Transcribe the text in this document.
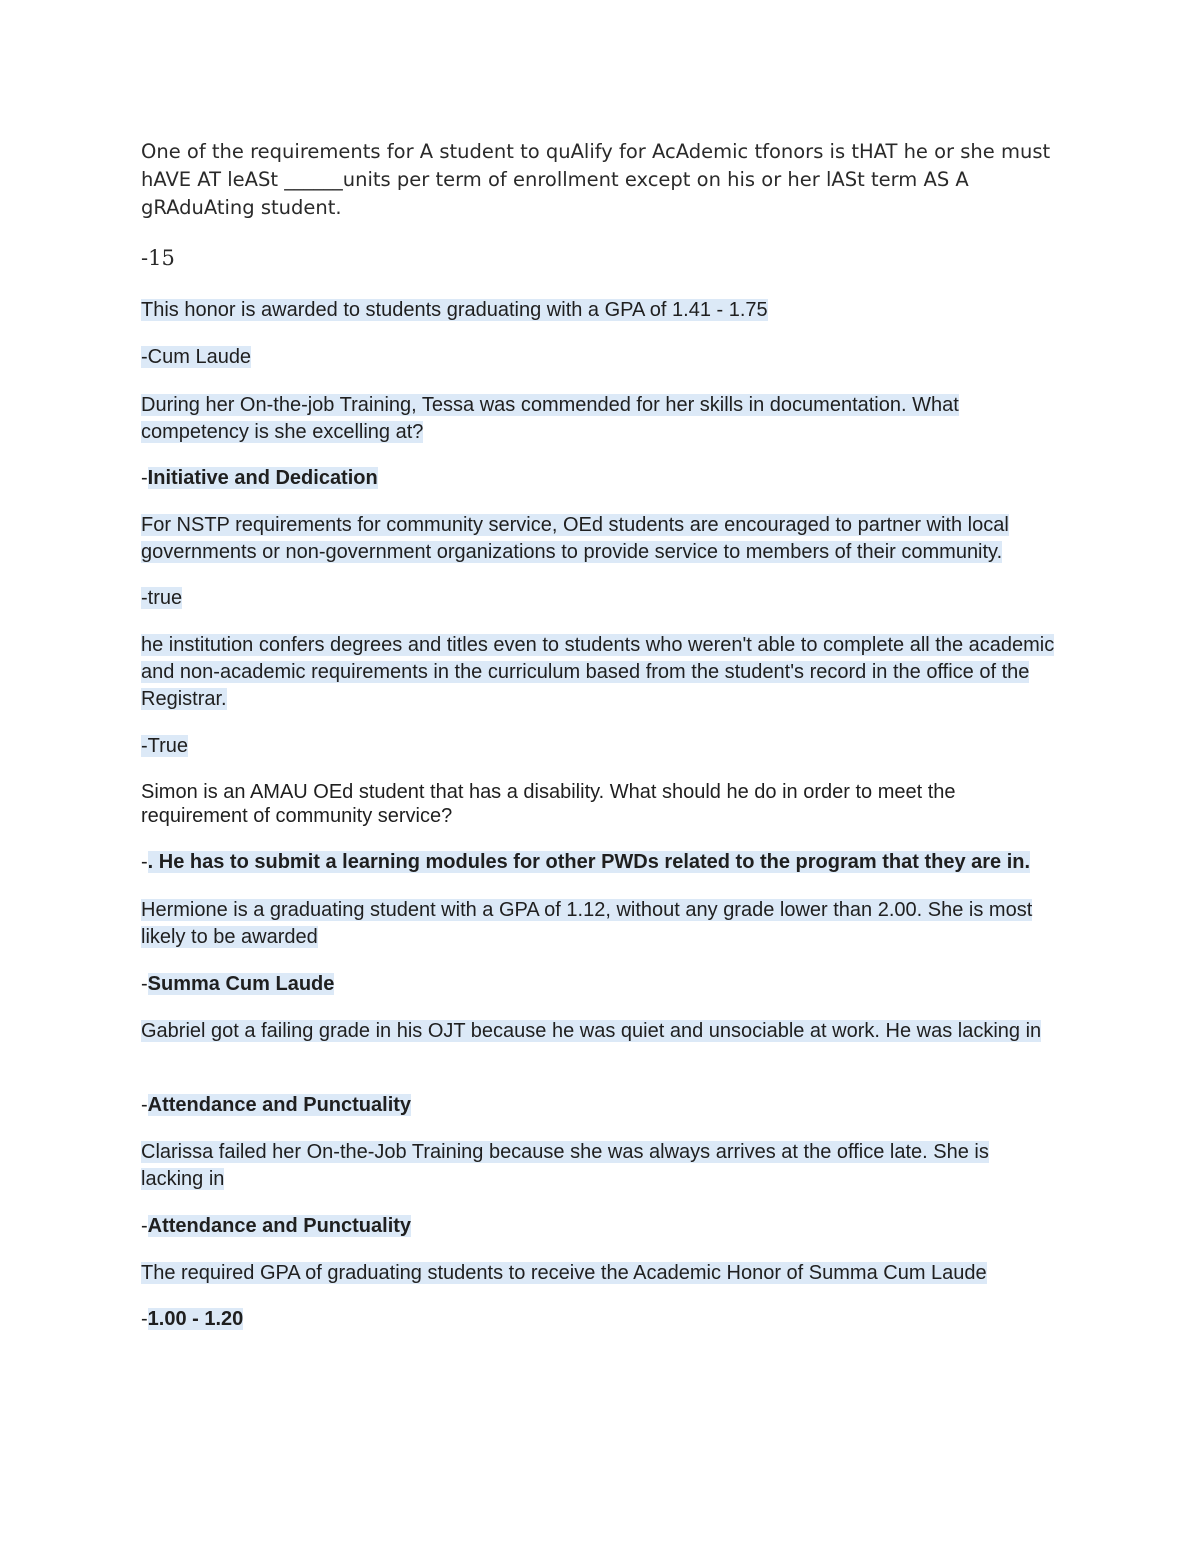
One of the requirements for A student to quAlify for AcAdemic tfonors is tHAT he or she must hAVE AT leASt ______units per term of enrollment except on his or her lASt term AS A gRAduAting student.

-15

This honor is awarded to students graduating with a GPA of 1.41 - 1.75

-Cum Laude

During her On-the-job Training, Tessa was commended for her skills in documentation. What competency is she excelling at?

-Initiative and Dedication

For NSTP requirements for community service, OEd students are encouraged to partner with local governments or non-government organizations to provide service to members of their community.

-true

he institution confers degrees and titles even to students who weren't able to complete all the academic and non-academic requirements in the curriculum based from the student's record in the office of the Registrar.

-True

Simon is an AMAU OEd student that has a disability. What should he do in order to meet the requirement of community service?

-. He has to submit a learning modules for other PWDs related to the program that they are in.

Hermione is a graduating student with a GPA of 1.12, without any grade lower than 2.00. She is most likely to be awarded

-Summa Cum Laude

Gabriel got a failing grade in his OJT because he was quiet and unsociable at work. He was lacking in

-Attendance and Punctuality

Clarissa failed her On-the-Job Training because she was always arrives at the office late. She is lacking in

-Attendance and Punctuality

The required GPA of graduating students to receive the Academic Honor of Summa Cum Laude

-1.00 - 1.20
